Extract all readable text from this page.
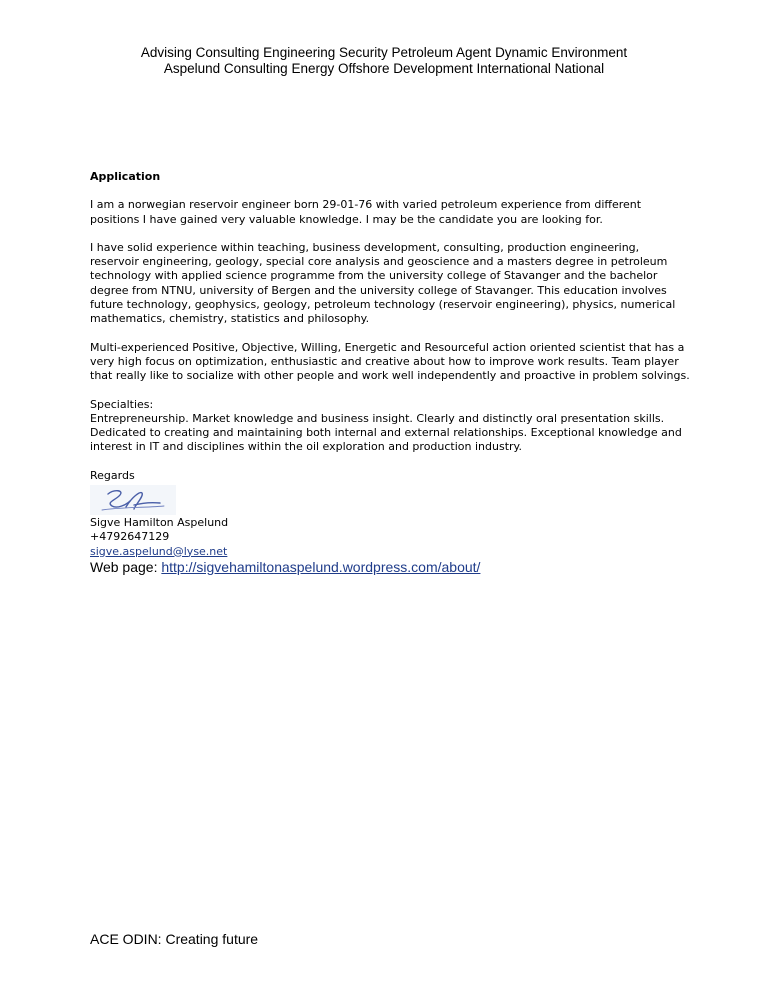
Advising Consulting Engineering Security Petroleum Agent Dynamic Environment
Aspelund Consulting Energy Offshore Development International National

Application

I am a norwegian reservoir engineer born 29-01-76 with varied petroleum experience from different positions I have gained very valuable knowledge. I may be the candidate you are looking for.

I have solid experience within teaching, business development, consulting, production engineering, reservoir engineering, geology, special core analysis and geoscience and a masters degree in petroleum technology with applied science programme from the university college of Stavanger and the bachelor degree from NTNU, university of Bergen and the university college of Stavanger. This education involves future technology, geophysics, geology, petroleum technology (reservoir engineering), physics, numerical mathematics, chemistry, statistics and philosophy.

Multi-experienced Positive, Objective, Willing, Energetic and Resourceful action oriented scientist that has a very high focus on optimization, enthusiastic and creative about how to improve work results. Team player that really like to socialize with other people and work well independently and proactive in problem solvings.

Specialties:
Entrepreneurship. Market knowledge and business insight. Clearly and distinctly oral presentation skills. Dedicated to creating and maintaining both internal and external relationships. Exceptional knowledge and interest in IT and disciplines within the oil exploration and production industry.

Regards

Sigve Hamilton Aspelund
+4792647129
sigve.aspelund@lyse.net
Web page: http://sigvehamiltonaspelund.wordpress.com/about/
ACE ODIN: Creating future
